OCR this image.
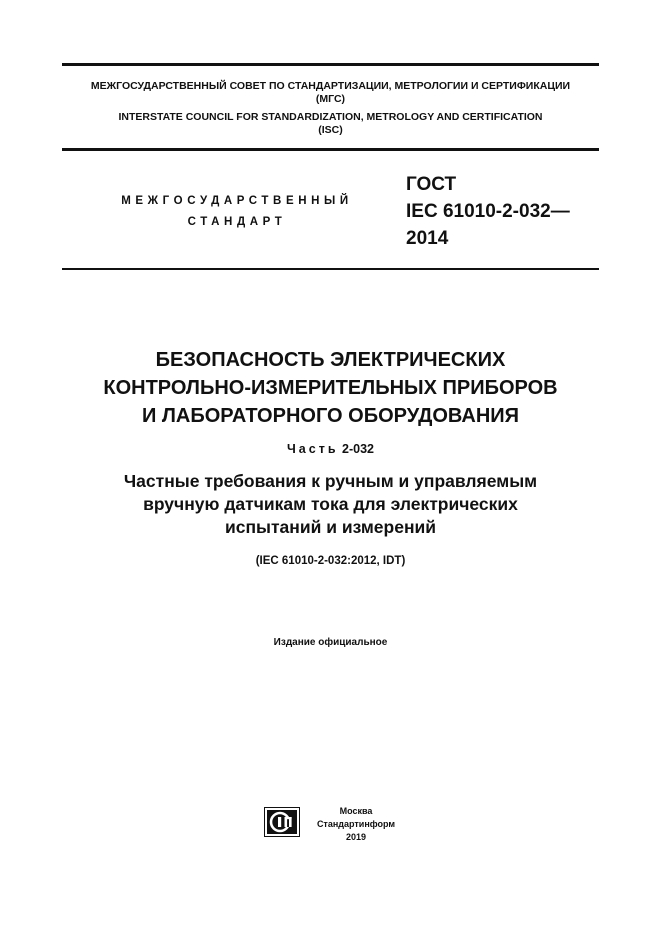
МЕЖГОСУДАРСТВЕННЫЙ СОВЕТ ПО СТАНДАРТИЗАЦИИ, МЕТРОЛОГИИ И СЕРТИФИКАЦИИ
(МГС)
INTERSTATE COUNCIL FOR STANDARDIZATION, METROLOGY AND CERTIFICATION
(ISC)
МЕЖГОСУДАРСТВЕННЫЙ
СТАНДАРТ
ГОСТ
IEC 61010-2-032—
2014
БЕЗОПАСНОСТЬ ЭЛЕКТРИЧЕСКИХ
КОНТРОЛЬНО-ИЗМЕРИТЕЛЬНЫХ ПРИБОРОВ
И ЛАБОРАТОРНОГО ОБОРУДОВАНИЯ
Часть 2-032
Частные требования к ручным и управляемым
вручную датчикам тока для электрических
испытаний и измерений
(IEC 61010-2-032:2012, IDT)
Издание официальное
Москва
Стандартинформ
2019
